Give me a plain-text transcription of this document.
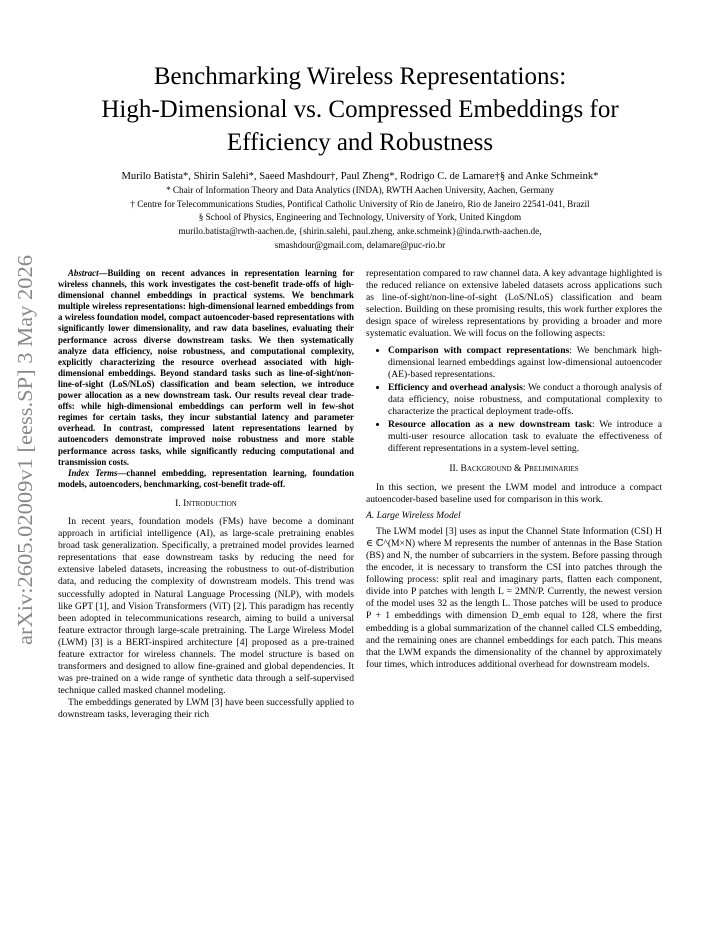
arXiv:2605.02009v1 [eess.SP] 3 May 2026
Benchmarking Wireless Representations:
High-Dimensional vs. Compressed Embeddings for
Efficiency and Robustness
Murilo Batista*, Shirin Salehi*, Saeed Mashdour†, Paul Zheng*, Rodrigo C. de Lamare†§ and Anke Schmeink*
* Chair of Information Theory and Data Analytics (INDA), RWTH Aachen University, Aachen, Germany
† Centre for Telecommunications Studies, Pontifical Catholic University of Rio de Janeiro, Rio de Janeiro 22541-041, Brazil
§ School of Physics, Engineering and Technology, University of York, United Kingdom
murilo.batista@rwth-aachen.de, {shirin.salehi, paul.zheng, anke.schmeink}@inda.rwth-aachen.de,
smashdour@gmail.com, delamare@puc-rio.br

Abstract—Building on recent advances in representation learning for wireless channels, this work investigates the cost-benefit trade-offs of high-dimensional channel embeddings in practical systems. We benchmark multiple wireless representations: high-dimensional learned embeddings from a wireless foundation model, compact autoencoder-based representations with significantly lower dimensionality, and raw data baselines, evaluating their performance across diverse downstream tasks. We then systematically analyze data efficiency, noise robustness, and computational complexity, explicitly characterizing the resource overhead associated with high-dimensional embeddings. Beyond standard tasks such as line-of-sight/non-line-of-sight (LoS/NLoS) classification and beam selection, we introduce power allocation as a new downstream task. Our results reveal clear trade-offs: while high-dimensional embeddings can perform well in few-shot regimes for certain tasks, they incur substantial latency and parameter overhead. In contrast, compressed latent representations learned by autoencoders demonstrate improved noise robustness and more stable performance across tasks, while significantly reducing computational and transmission costs.

Index Terms—channel embedding, representation learning, foundation models, autoencoders, benchmarking, cost-benefit trade-off.

I. Introduction

In recent years, foundation models (FMs) have become a dominant approach in artificial intelligence (AI), as large-scale pretraining enables broad task generalization. Specifically, a pretrained model provides learned representations that ease downstream tasks by reducing the need for extensive labeled datasets, increasing the robustness to out-of-distribution data, and reducing the complexity of downstream models. This trend was successfully adopted in Natural Language Processing (NLP), with models like GPT [1], and Vision Transformers (ViT) [2]. This paradigm has recently been adopted in telecommunications research, aiming to build a universal feature extractor through large-scale pretraining. The Large Wireless Model (LWM) [3] is a BERT-inspired architecture [4] proposed as a pre-trained feature extractor for wireless channels. The model structure is based on transformers and designed to allow fine-grained and global dependencies. It was pre-trained on a wide range of synthetic data through a self-supervised technique called masked channel modeling.

The embeddings generated by LWM [3] have been successfully applied to downstream tasks, leveraging their rich

representation compared to raw channel data. A key advantage highlighted is the reduced reliance on extensive labeled datasets across applications such as line-of-sight/non-line-of-sight (LoS/NLoS) classification and beam selection. Building on these promising results, this work further explores the design space of wireless representations by providing a broader and more systematic evaluation. We will focus on the following aspects:

• Comparison with compact representations: We benchmark high-dimensional learned embeddings against low-dimensional autoencoder (AE)-based representations.
• Efficiency and overhead analysis: We conduct a thorough analysis of data efficiency, noise robustness, and computational complexity to characterize the practical deployment trade-offs.
• Resource allocation as a new downstream task: We introduce a multi-user resource allocation task to evaluate the effectiveness of different representations in a system-level setting.
II. Background & Preliminaries

In this section, we present the LWM model and introduce a compact autoencoder-based baseline used for comparison in this work.

A. Large Wireless Model

The LWM model [3] uses as input the Channel State Information (CSI) H ∈ ℂ^(M×N) where M represents the number of antennas in the Base Station (BS) and N, the number of subcarriers in the system. Before passing through the encoder, it is necessary to transform the CSI into patches through the following process: split real and imaginary parts, flatten each component, divide into P patches with length L = 2MN/P. Currently, the newest version of the model uses 32 as the length L. Those patches will be used to produce P + 1 embeddings with dimension D_emb equal to 128, where the first embedding is a global summarization of the channel called CLS embedding, and the remaining ones are channel embeddings for each patch. This means that the LWM expands the dimensionality of the channel by approximately four times, which introduces additional overhead for downstream models.
